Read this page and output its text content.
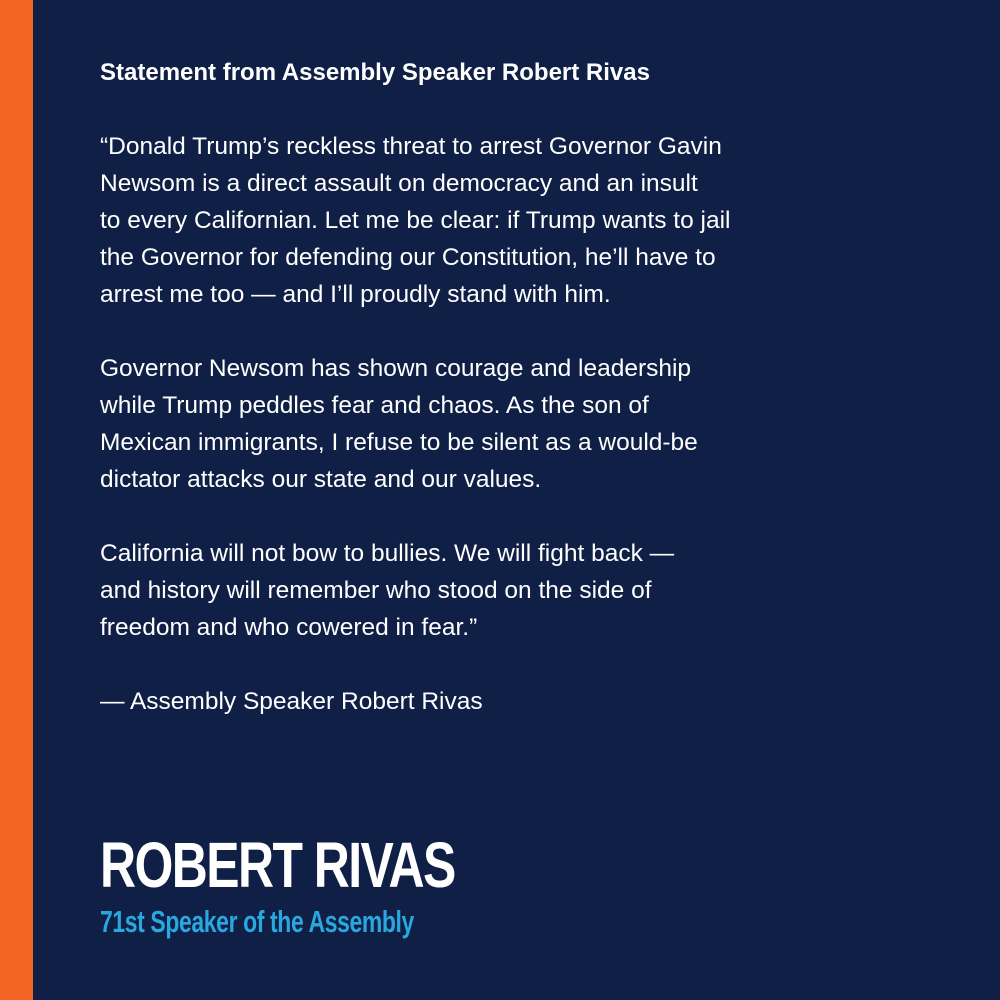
Statement from Assembly Speaker Robert Rivas

“Donald Trump’s reckless threat to arrest Governor Gavin
Newsom is a direct assault on democracy and an insult
to every Californian. Let me be clear: if Trump wants to jail
the Governor for defending our Constitution, he’ll have to
arrest me too — and I’ll proudly stand with him.

Governor Newsom has shown courage and leadership
while Trump peddles fear and chaos. As the son of
Mexican immigrants, I refuse to be silent as a would-be
dictator attacks our state and our values.

California will not bow to bullies. We will fight back —
and history will remember who stood on the side of
freedom and who cowered in fear.”

— Assembly Speaker Robert Rivas

ROBERT RIVAS
71st Speaker of the Assembly
